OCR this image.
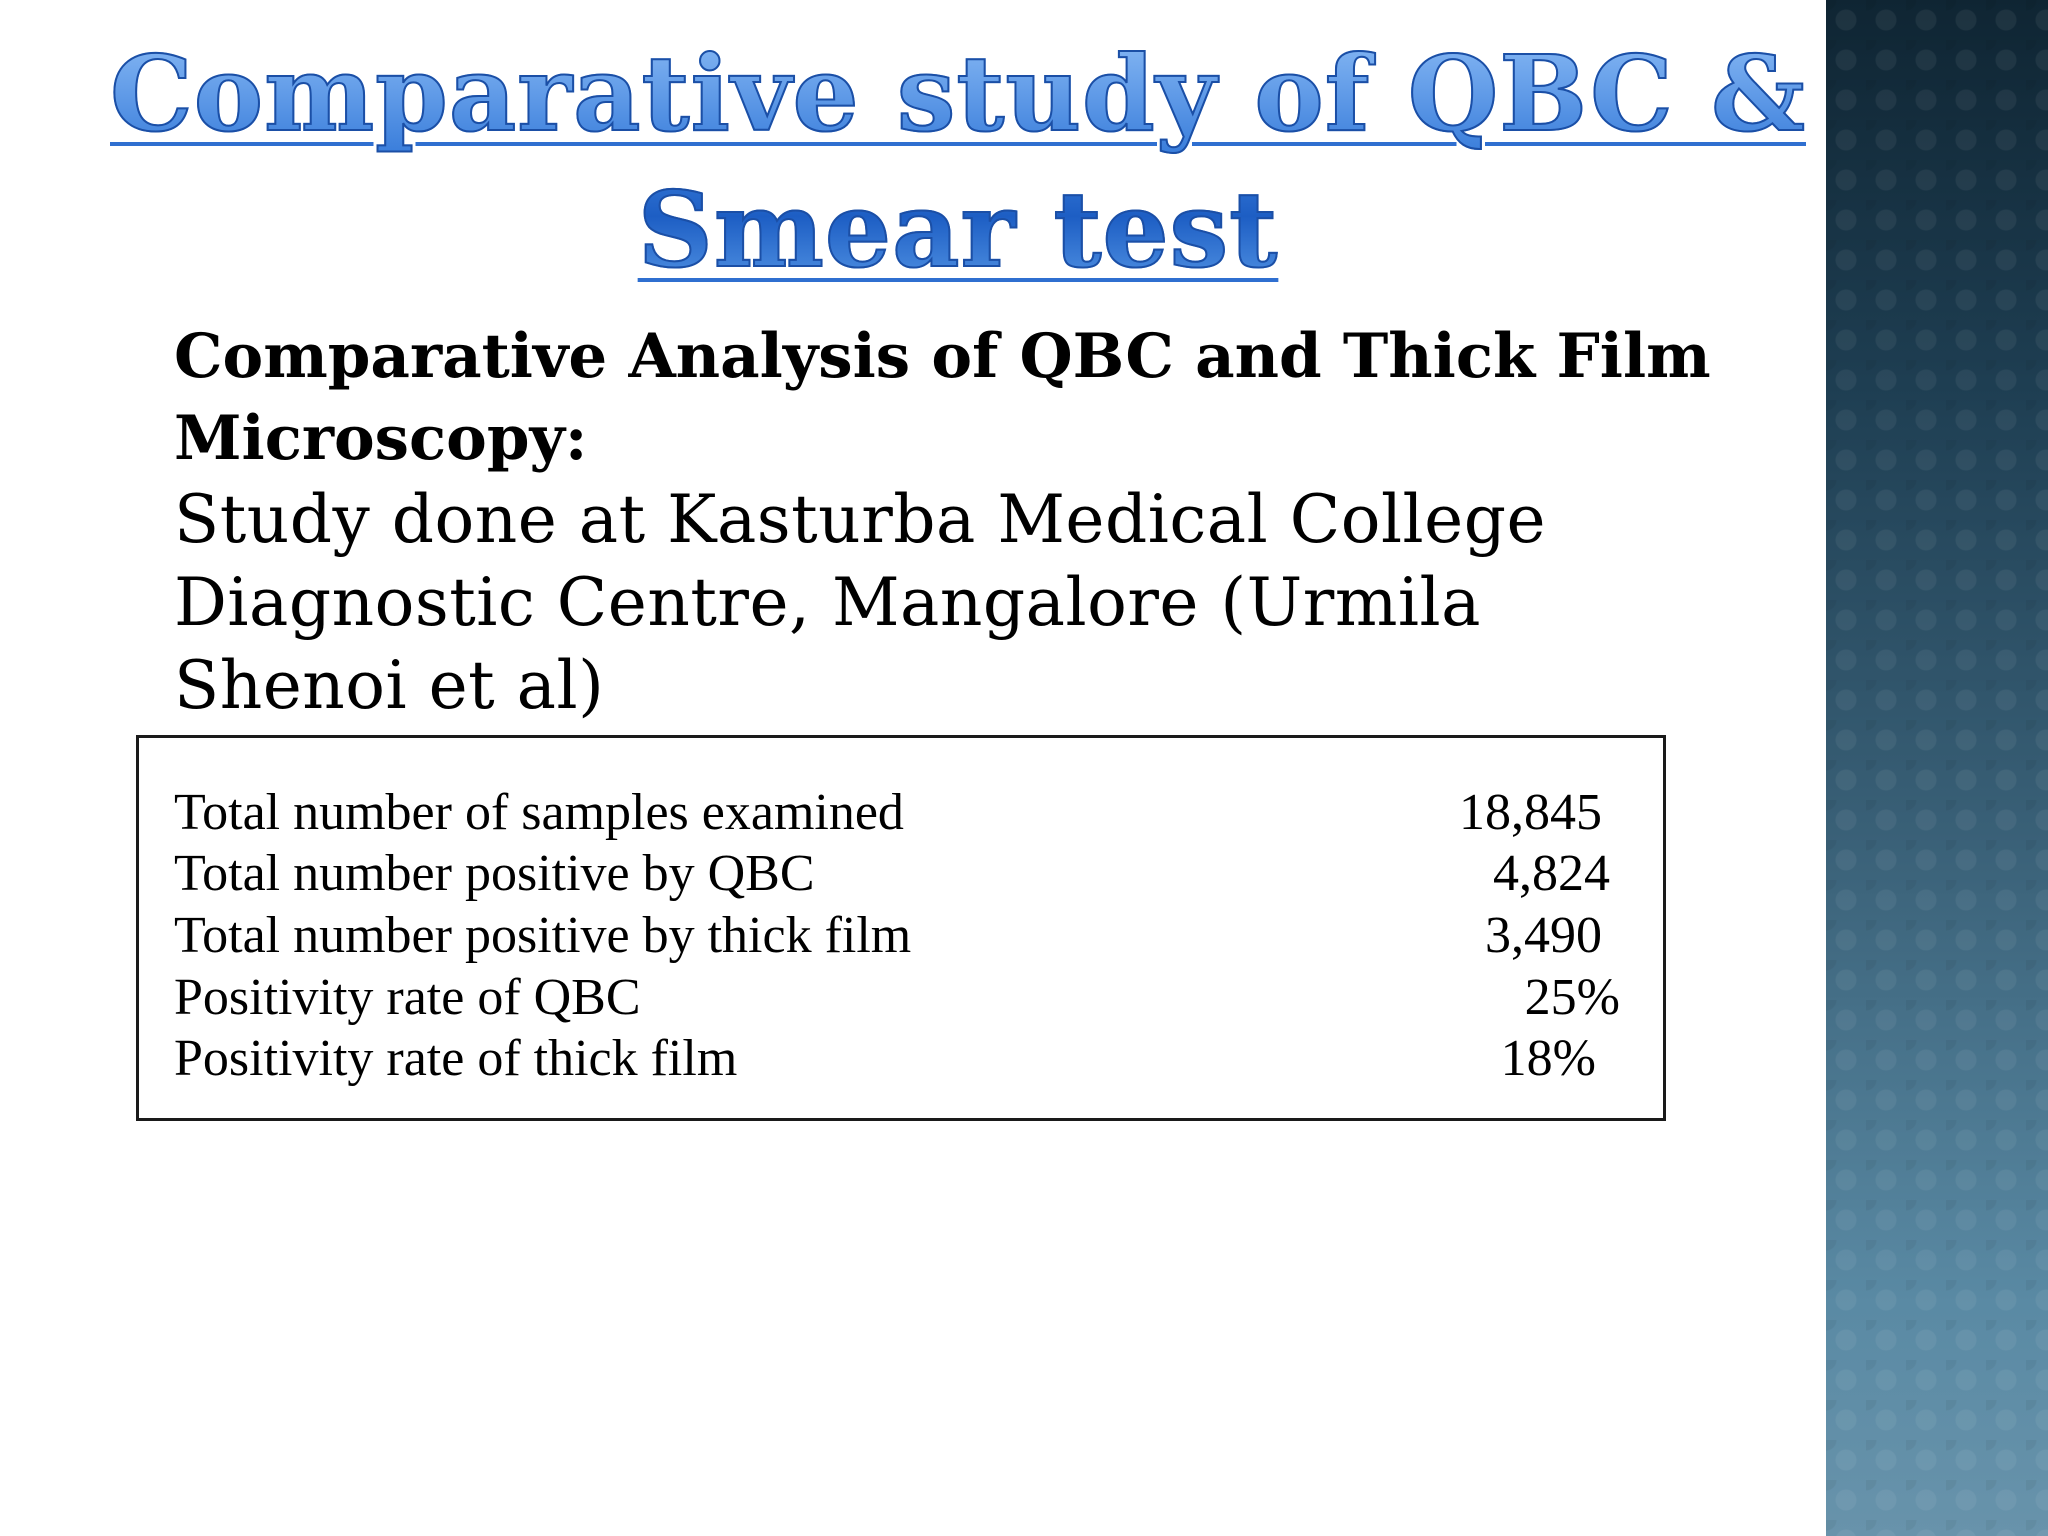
Comparative study of QBC & Smear test

Comparative Analysis of QBC and Thick Film Microscopy:

Study done at Kasturba Medical College Diagnostic Centre, Mangalore (Urmila Shenoi et al)

Total number of samples examined	18,845
Total number positive by QBC	4,824
Total number positive by thick film	3,490
Positivity rate of QBC	25%
Positivity rate of thick film	18%
